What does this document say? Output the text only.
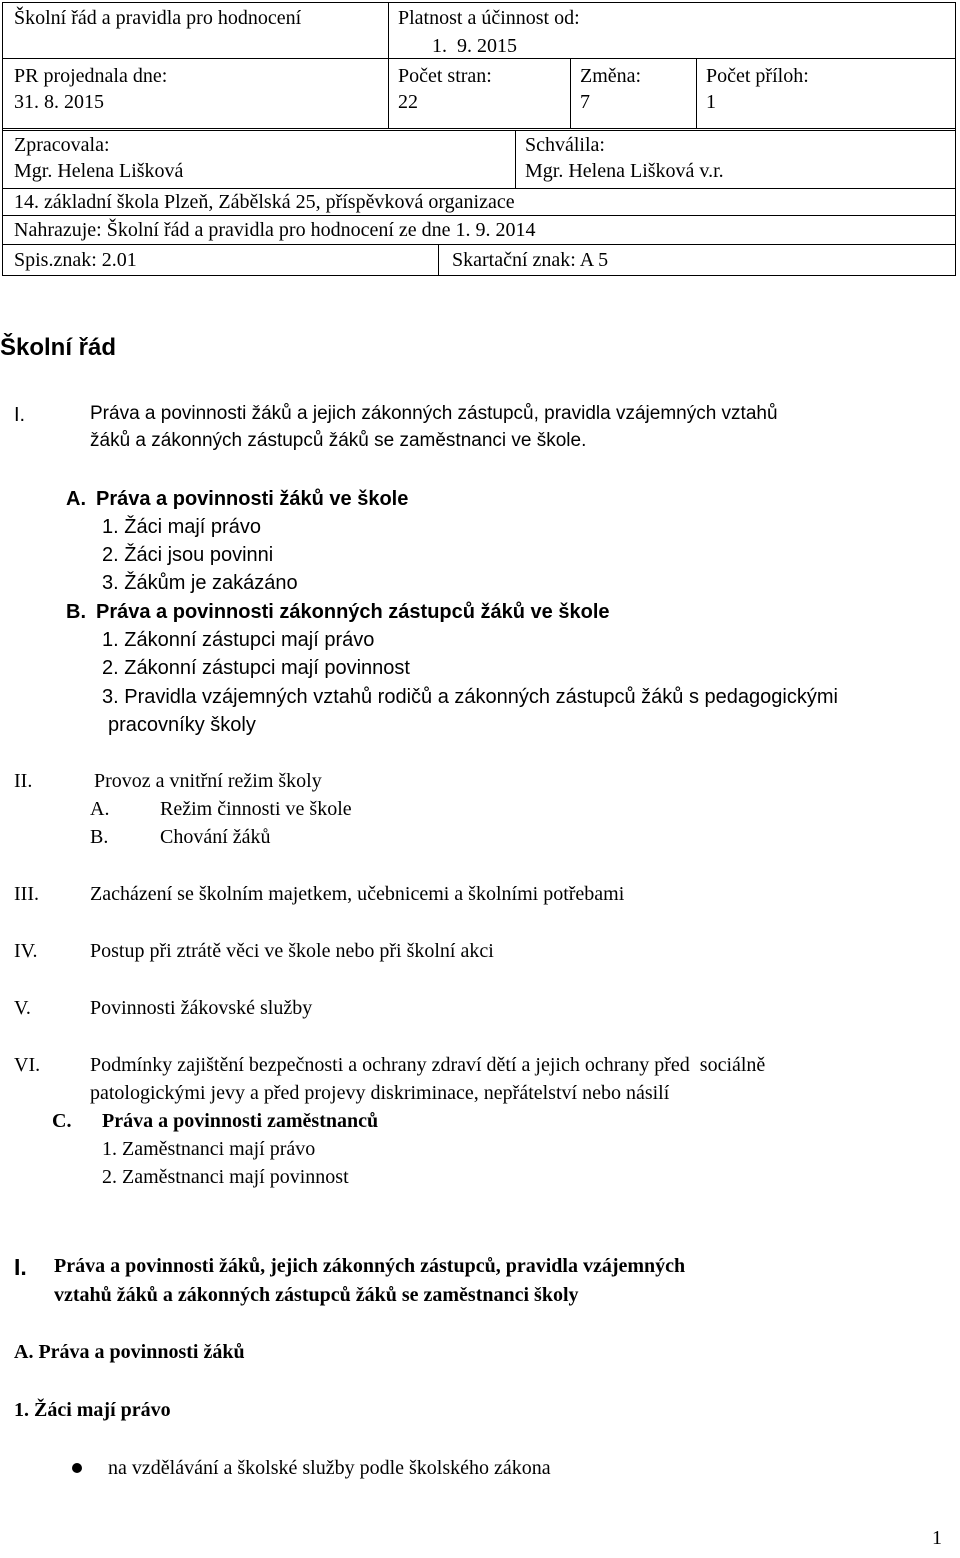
Školní řád a pravidla pro hodnocení	Platnost a účinnost od:
1.  9. 2015
PR projednala dne:
31. 8. 2015
Počet stran:
22
Změna:
7
Počet příloh:
1
Zpracovala:
Mgr. Helena Lišková
Schválila:
Mgr. Helena Lišková v.r.
14. základní škola Plzeň, Zábělská 25, příspěvková organizace
Nahrazuje: Školní řád a pravidla pro hodnocení ze dne 1. 9. 2014
Spis.znak: 2.01	Skartační znak: A 5
Školní řád
I.	Práva a povinnosti žáků a jejich zákonných zástupců, pravidla vzájemných vztahů
žáků a zákonných zástupců žáků se zaměstnanci ve škole.
A. Práva a povinnosti žáků ve škole
1. Žáci mají právo
2. Žáci jsou povinni
3. Žákům je zakázáno
B. Práva a povinnosti zákonných zástupců žáků ve škole
1. Zákonní zástupci mají právo
2. Zákonní zástupci mají povinnost
3. Pravidla vzájemných vztahů rodičů a zákonných zástupců žáků s pedagogickými
pracovníky školy
II.	Provoz a vnitřní režim školy
A.	Režim činnosti ve škole
B.	Chování žáků
III.	Zacházení se školním majetkem, učebnicemi a školními potřebami
IV.	Postup při ztrátě věci ve škole nebo při školní akci
V.	Povinnosti žákovské služby
VI. Podmínky zajištění bezpečnosti a ochrany zdraví dětí a jejich ochrany před  sociálně
patologickými jevy a před projevy diskriminace, nepřátelství nebo násilí
C. Práva a povinnosti zaměstnanců
1. Zaměstnanci mají právo
2. Zaměstnanci mají povinnost
I. Práva a povinnosti žáků, jejich zákonných zástupců, pravidla vzájemných
vztahů žáků a zákonných zástupců žáků se zaměstnanci školy
A. Práva a povinnosti žáků
1. Žáci mají právo
na vzdělávání a školské služby podle školského zákona
1
